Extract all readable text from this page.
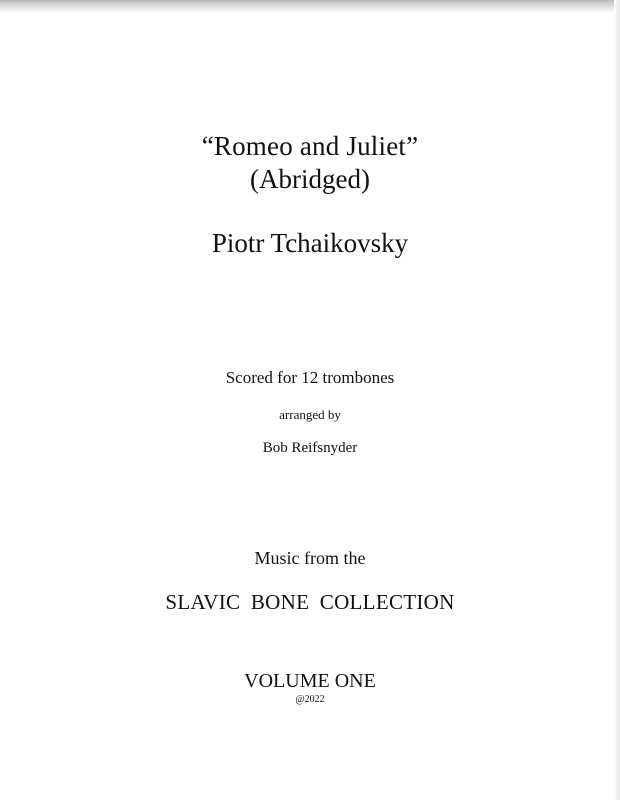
“Romeo and Juliet”
(Abridged)
Piotr Tchaikovsky
Scored for 12 trombones
arranged by
Bob Reifsnyder
Music from the
SLAVIC BONE COLLECTION
VOLUME ONE
@2022
